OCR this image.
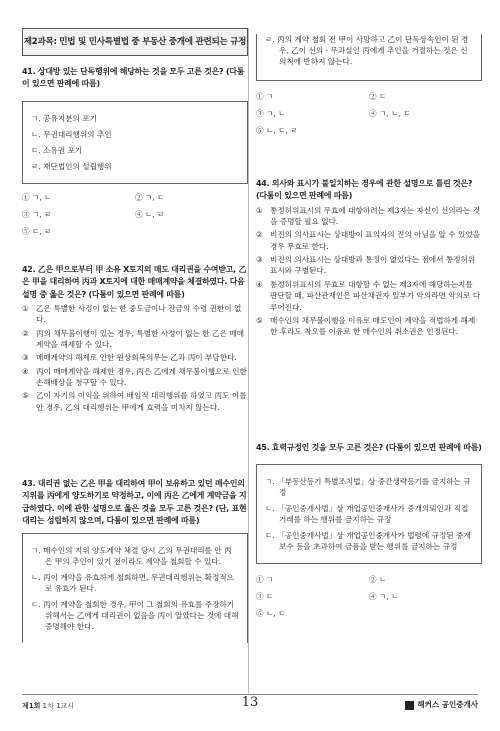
제2과목: 민법 및 민사특별법 중 부동산 중개에 관련되는 규정
41. 상대방 있는 단독행위에 해당하는 것을 모두 고른 것은? (다툼이 있으면 판례에 따름)
ㄱ. 공유지분의 포기
ㄴ. 무권대리행위의 추인
ㄷ. 소유권 포기
ㄹ. 재단법인의 설립행위
① ㄱ, ㄴ	② ㄱ, ㄷ
③ ㄱ, ㄹ	④ ㄴ, ㄹ
⑤ ㄷ, ㄹ
42. 乙은 甲으로부터 甲 소유 X토지의 매도 대리권을 수여받고, 乙은 甲을 대리하여 丙과 X토지에 대한 매매계약을 체결하였다. 다음 설명 중 옳은 것은? (다툼이 있으면 판례에 따름)
① 乙은 특별한 사정이 없는 한 중도금이나 잔금의 수령 권한이 없다.
② 丙의 채무불이행이 있는 경우, 특별한 사정이 없는 한 乙은 매매계약을 해제할 수 있다.
③ 매매계약의 해제로 인한 원상회복의무는 乙과 丙이 부담한다.
④ 丙이 매매계약을 해제한 경우, 丙은 乙에게 채무불이행으로 인한 손해배상을 청구할 수 있다.
⑤ 乙이 자기의 이익을 위하여 배임적 대리행위를 하였고 丙도 이를 안 경우, 乙의 대리행위는 甲에게 효력을 미치지 않는다.
43. 대리권 없는 乙은 甲을 대리하여 甲이 보유하고 있던 매수인의 지위를 丙에게 양도하기로 약정하고, 이에 丙은 乙에게 계약금을 지급하였다. 이에 관한 설명으로 옳은 것을 모두 고른 것은? (단, 표현대리는 성립하지 않으며, 다툼이 있으면 판례에 따름)
ㄱ. 매수인의 지위 양도계약 체결 당시 乙의 무권대리를 안 丙은 甲의 추인이 있기 전이라도 계약을 철회할 수 있다.
ㄴ. 丙이 계약을 유효하게 철회하면, 무권대리행위는 확정적으로 유효가 된다.
ㄷ. 丙이 계약을 철회한 경우, 甲이 그 철회의 유효를 주장하기 위해서는 乙에게 대리권이 없음을 丙이 알았다는 것에 대해 증명해야 한다.
ㄹ. 丙의 계약 철회 전 甲이 사망하고 乙이 단독상속인이 된 경우, 乙이 선의ㆍ무과실인 丙에게 추인을 거절하는 것은 신의칙에 반하지 않는다.
① ㄱ	② ㄷ
③ ㄱ, ㄴ	④ ㄱ, ㄴ, ㄷ
⑤ ㄴ, ㄷ, ㄹ
44. 의사와 표시가 불일치하는 경우에 관한 설명으로 틀린 것은? (다툼이 있으면 판례에 따름)
① 통정허위표시의 무효에 대항하려는 제3자는 자신이 선의라는 것을 증명할 필요 없다.
② 비진의 의사표시는 상대방이 표의자의 진의 아님을 알 수 있었을 경우 무효로 한다.
③ 비진의 의사표시는 상대방과 통정이 없었다는 점에서 통정허위표시와 구별된다.
④ 통정허위표시의 무효로 대항할 수 없는 제3자에 해당하는지를 판단할 때, 파산관재인은 파산채권자 일부가 악의라면 악의로 다루어진다.
⑤ 매수인의 채무불이행을 이유로 매도인이 계약을 적법하게 해제한 후라도 착오를 이유로 한 매수인의 취소권은 인정된다.
45. 효력규정인 것을 모두 고른 것은? (다툼이 있으면 판례에 따름)
ㄱ. 「부동산등기 특별조치법」상 중간생략등기를 금지하는 규정
ㄴ. 「공인중개사법」상 개업공인중개사가 중개의뢰인과 직접 거래를 하는 행위를 금지하는 규정
ㄷ. 「공인중개사법」상 개업공인중개사가 법령에 규정된 중개보수 등을 초과하여 금품을 받는 행위를 금지하는 규정
① ㄱ	② ㄴ
③ ㄷ	④ ㄱ, ㄴ
⑤ ㄴ, ㄷ
제1회 1차 1교시	13	해커스 공인중개사
